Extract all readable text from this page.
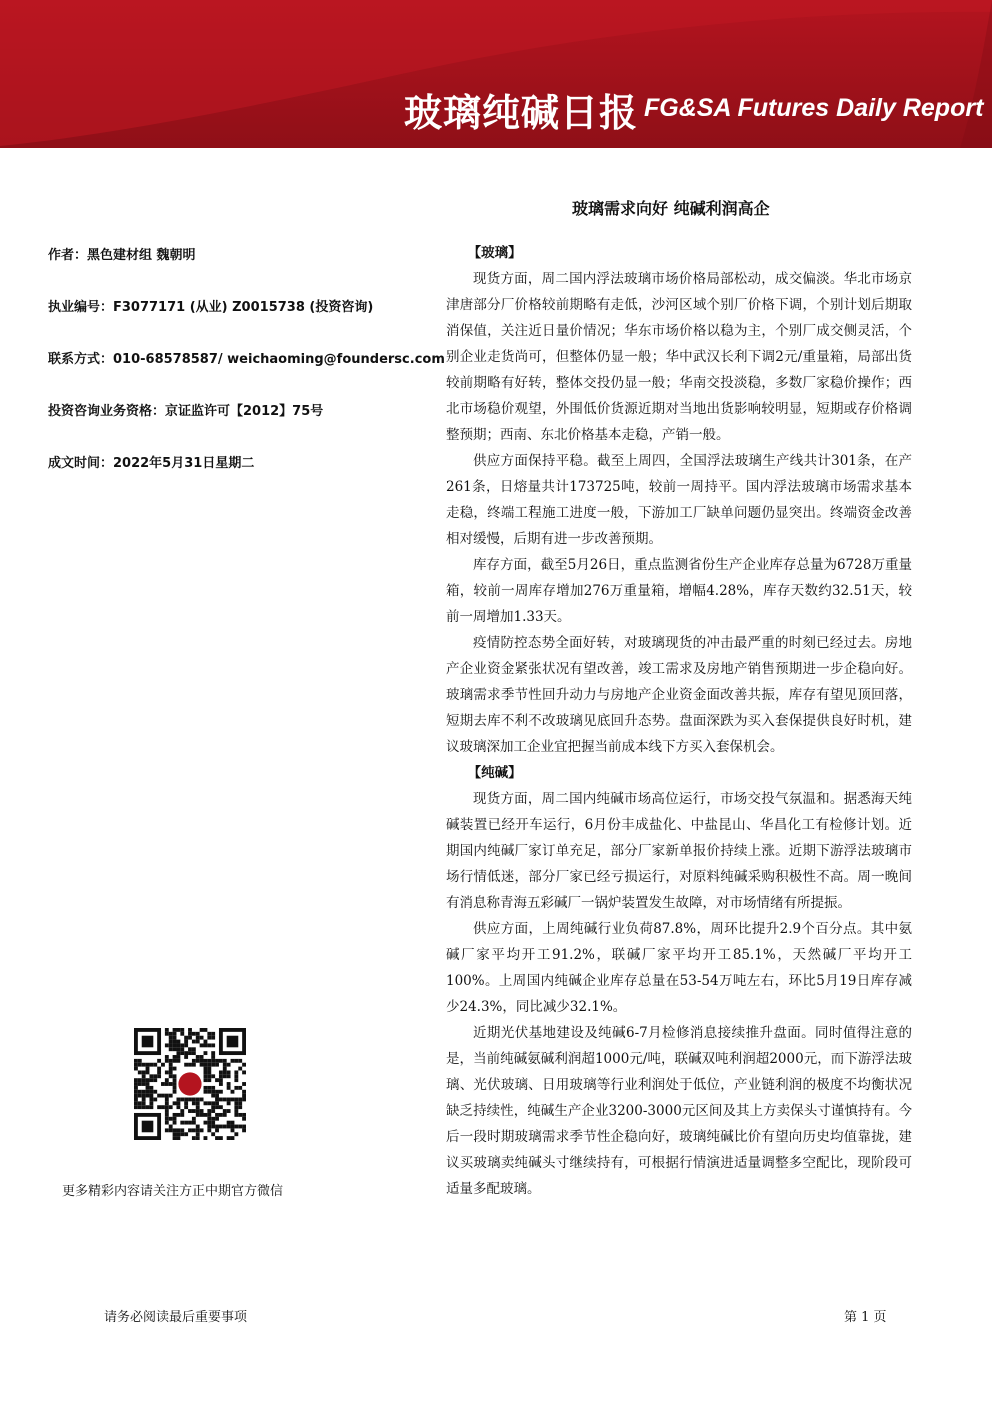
玻璃纯碱日报 FG&SA Futures Daily Report
玻璃需求向好 纯碱利润高企
作者：黑色建材组 魏朝明
执业编号：F3077171 (从业) Z0015738 (投资咨询)
联系方式：010-68578587/ weichaoming@foundersc.com
投资咨询业务资格：京证监许可【2012】75号
成文时间：2022年5月31日星期二

【玻璃】

现货方面，周二国内浮法玻璃市场价格局部松动，成交偏淡。华北市场京津唐部分厂价格较前期略有走低，沙河区域个别厂价格下调，个别计划后期取消保值，关注近日量价情况；华东市场价格以稳为主，个别厂成交侧灵活，个别企业走货尚可，但整体仍显一般；华中武汉长利下调2元/重量箱，局部出货较前期略有好转，整体交投仍显一般；华南交投淡稳，多数厂家稳价操作；西北市场稳价观望，外围低价货源近期对当地出货影响较明显，短期或存价格调整预期；西南、东北价格基本走稳，产销一般。

供应方面保持平稳。截至上周四，全国浮法玻璃生产线共计301条，在产261条，日熔量共计173725吨，较前一周持平。国内浮法玻璃市场需求基本走稳，终端工程施工进度一般，下游加工厂缺单问题仍显突出。终端资金改善相对缓慢，后期有进一步改善预期。

库存方面，截至5月26日，重点监测省份生产企业库存总量为6728万重量箱，较前一周库存增加276万重量箱，增幅4.28%，库存天数约32.51天，较前一周增加1.33天。

疫情防控态势全面好转，对玻璃现货的冲击最严重的时刻已经过去。房地产企业资金紧张状况有望改善，竣工需求及房地产销售预期进一步企稳向好。玻璃需求季节性回升动力与房地产企业资金面改善共振，库存有望见顶回落，短期去库不利不改玻璃见底回升态势。盘面深跌为买入套保提供良好时机，建议玻璃深加工企业宜把握当前成本线下方买入套保机会。

【纯碱】

现货方面，周二国内纯碱市场高位运行，市场交投气氛温和。据悉海天纯碱装置已经开车运行，6月份丰成盐化、中盐昆山、华昌化工有检修计划。近期国内纯碱厂家订单充足，部分厂家新单报价持续上涨。近期下游浮法玻璃市场行情低迷，部分厂家已经亏损运行，对原料纯碱采购积极性不高。周一晚间有消息称青海五彩碱厂一锅炉装置发生故障，对市场情绪有所提振。

供应方面，上周纯碱行业负荷87.8%，周环比提升2.9个百分点。其中氨碱厂家平均开工91.2%，联碱厂家平均开工85.1%，天然碱厂平均开工100%。上周国内纯碱企业库存总量在53-54万吨左右，环比5月19日库存减少24.3%，同比减少32.1%。

近期光伏基地建设及纯碱6-7月检修消息接续推升盘面。同时值得注意的是，当前纯碱氨碱利润超1000元/吨，联碱双吨利润超2000元，而下游浮法玻璃、光伏玻璃、日用玻璃等行业利润处于低位，产业链利润的极度不均衡状况缺乏持续性，纯碱生产企业3200-3000元区间及其上方卖保头寸谨慎持有。今后一段时期玻璃需求季节性企稳向好，玻璃纯碱比价有望向历史均值靠拢，建议买玻璃卖纯碱头寸继续持有，可根据行情演进适量调整多空配比，现阶段可适量多配玻璃。

更多精彩内容请关注方正中期官方微信
请务必阅读最后重要事项	第 1 页
